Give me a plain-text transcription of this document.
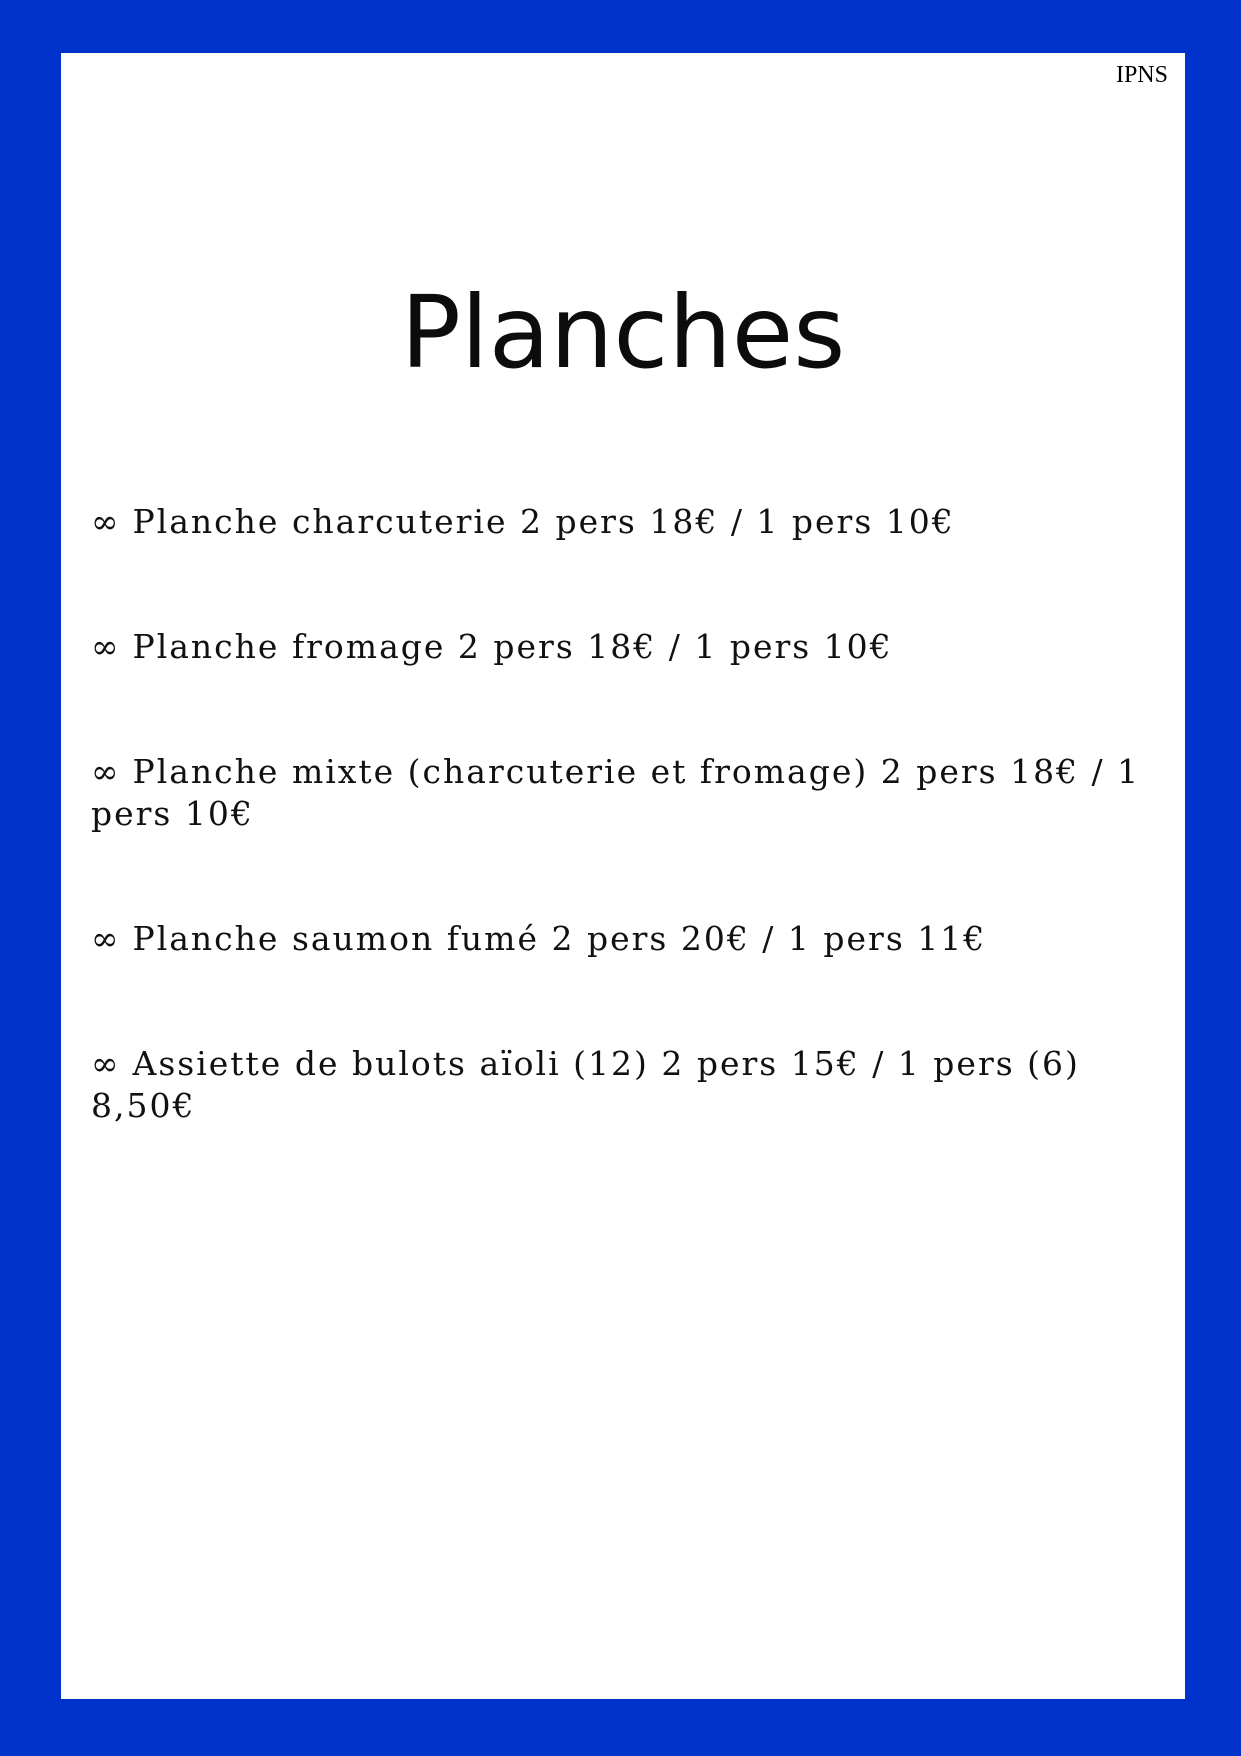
IPNS
Planches
∞ Planche charcuterie 2 pers 18€ / 1 pers 10€
∞ Planche fromage 2 pers 18€ / 1 pers 10€
∞ Planche mixte (charcuterie et fromage) 2 pers 18€ / 1 pers 10€
∞ Planche saumon fumé 2 pers 20€ / 1 pers 11€
∞ Assiette de bulots aïoli (12) 2 pers 15€ / 1 pers (6) 8,50€
